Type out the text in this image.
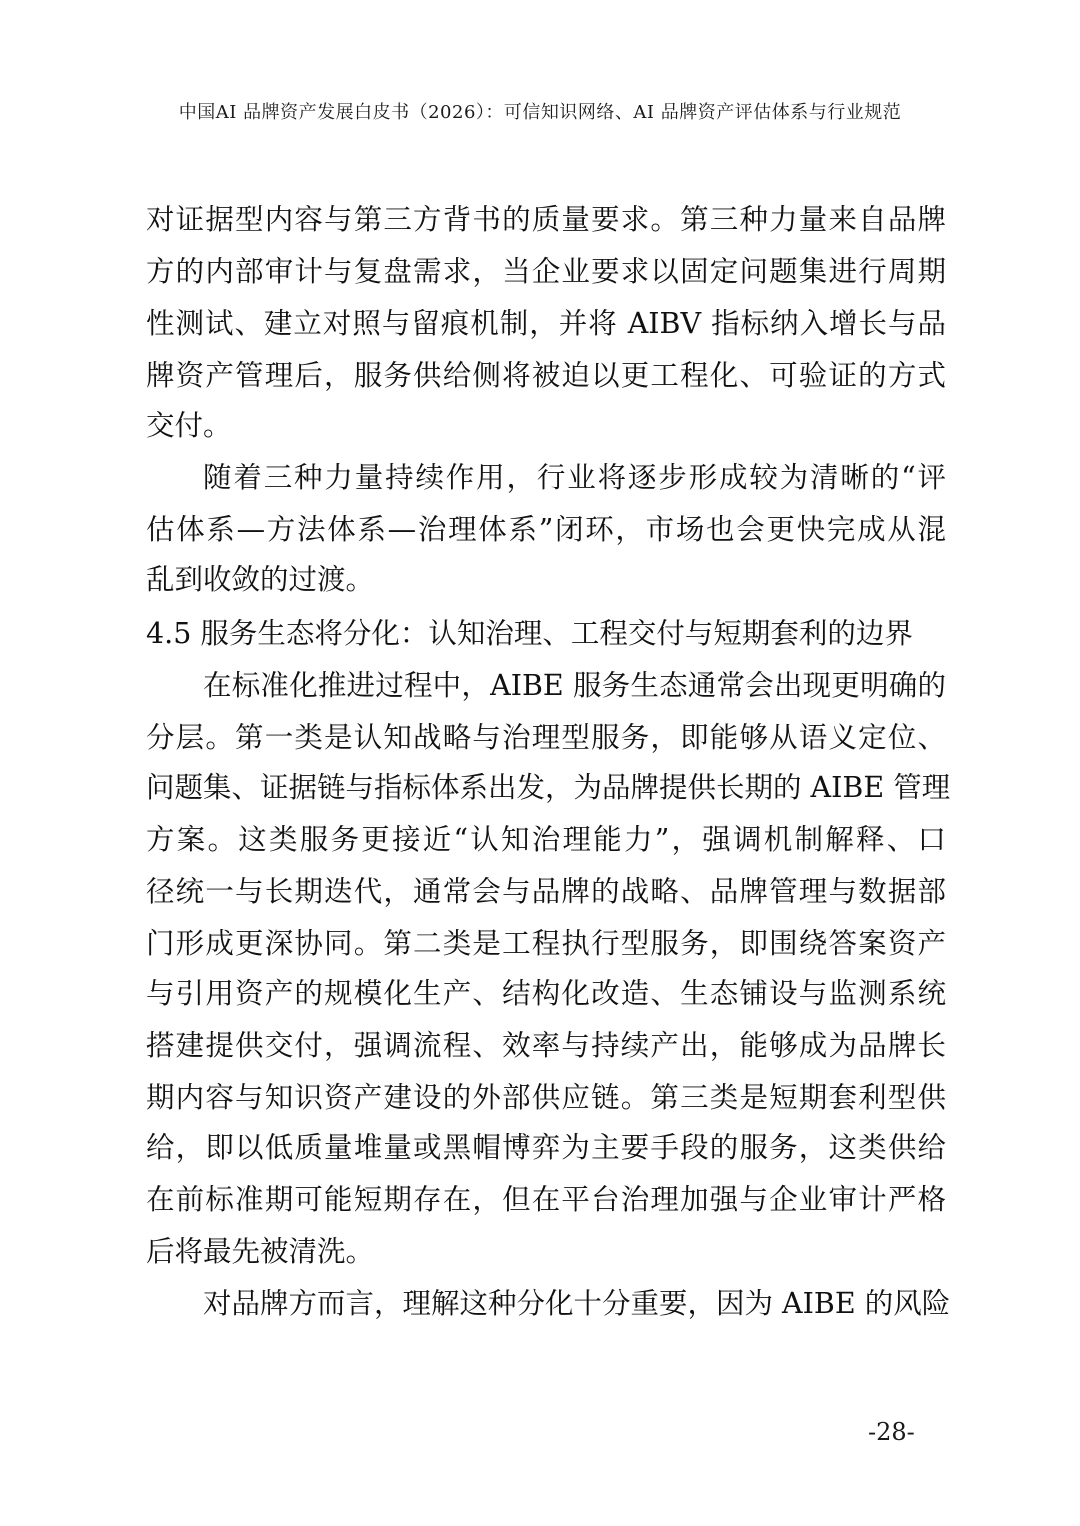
中国AI 品牌资产发展白皮书（2026）：可信知识网络、AI 品牌资产评估体系与行业规范
对证据型内容与第三方背书的质量要求。第三种力量来自品牌
方的内部审计与复盘需求，当企业要求以固定问题集进行周期
性测试、建立对照与留痕机制，并将 AIBV 指标纳入增长与品
牌资产管理后，服务供给侧将被迫以更工程化、可验证的方式
交付。
随着三种力量持续作用，行业将逐步形成较为清晰的“评
估体系—方法体系—治理体系”闭环，市场也会更快完成从混
乱到收敛的过渡。
4.5 服务生态将分化：认知治理、工程交付与短期套利的边界
在标准化推进过程中，AIBE 服务生态通常会出现更明确的
分层。第一类是认知战略与治理型服务，即能够从语义定位、
问题集、证据链与指标体系出发，为品牌提供长期的 AIBE 管理
方案。这类服务更接近“认知治理能力”，强调机制解释、口
径统一与长期迭代，通常会与品牌的战略、品牌管理与数据部
门形成更深协同。第二类是工程执行型服务，即围绕答案资产
与引用资产的规模化生产、结构化改造、生态铺设与监测系统
搭建提供交付，强调流程、效率与持续产出，能够成为品牌长
期内容与知识资产建设的外部供应链。第三类是短期套利型供
给，即以低质量堆量或黑帽博弈为主要手段的服务，这类供给
在前标准期可能短期存在，但在平台治理加强与企业审计严格
后将最先被清洗。
对品牌方而言，理解这种分化十分重要，因为 AIBE 的风险
-28-
